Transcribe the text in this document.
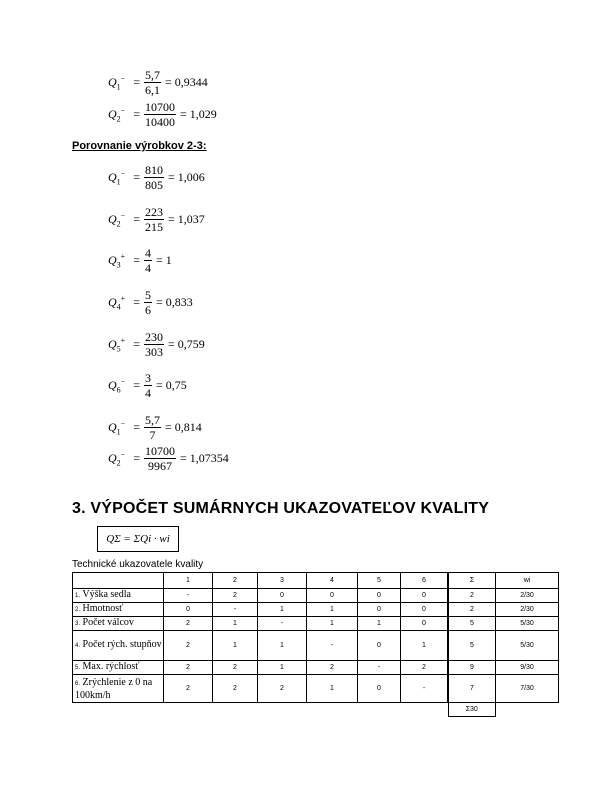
$Q_1^- = \frac{5,7}{6,1} = 0,9344$
$Q_2^- = \frac{10700}{10400} = 1,029$
Porovnanie výrobkov 2-3:
$Q_1^- = \frac{810}{805} = 1,006$
$Q_2^- = \frac{223}{215} = 1,037$
$Q_3^+ = \frac{4}{4} = 1$
$Q_4^+ = \frac{5}{6} = 0,833$
$Q_5^+ = \frac{230}{303} = 0,759$
$Q_6^- = \frac{3}{4} = 0,75$
$Q_1^- = \frac{5,7}{7} = 0,814$
$Q_2^- = \frac{10700}{9967} = 1,07354$
3. VÝPOČET SUMÁRNYCH UKAZOVATEĽOV KVALITY
QΣ = ΣQi · wi
Technické ukazovatele kvality
	1	2	3	4	5	6	Σ	wi
1. Výška sedla	-	2	0	0	0	0	2	2/30
2. Hmotnosť	0	-	1	1	0	0	2	2/30
3. Počet válcov	2	1	-	1	1	0	5	5/30
4. Počet rých. stupňov	2	1	1	-	0	1	5	5/30
5. Max. rýchlosť	2	2	1	2	-	2	9	9/30
6. Zrýchlenie z 0 na 100km/h	2	2	2	1	0	-	7	7/30
							Σ30	
